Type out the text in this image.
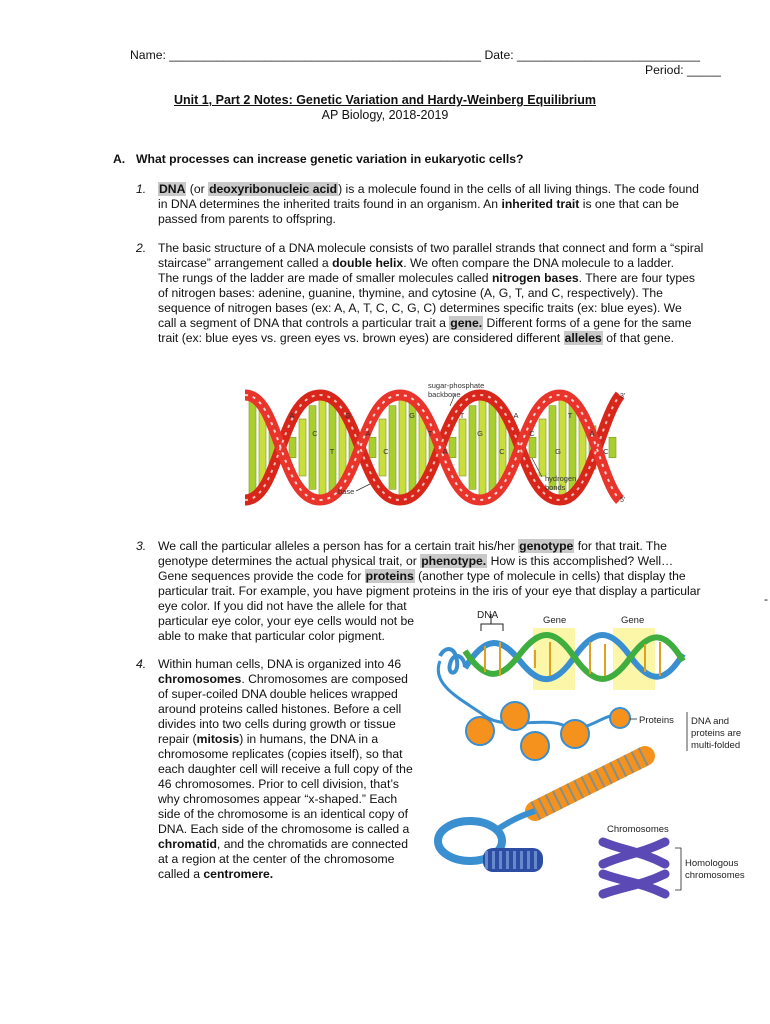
Name: ______________________________________________ Date: ___________________________
Period: _____
Unit 1, Part 2 Notes: Genetic Variation and Hardy-Weinberg Equilibrium
AP Biology, 2018-2019
A. What processes can increase genetic variation in eukaryotic cells?
1. DNA (or deoxyribonucleic acid) is a molecule found in the cells of all living things. The code found
in DNA determines the inherited traits found in an organism. An inherited trait is one that can be
passed from parents to offspring.
2. The basic structure of a DNA molecule consists of two parallel strands that connect and form a “spiral
staircase” arrangement called a double helix. We often compare the DNA molecule to a ladder.
The rungs of the ladder are made of smaller molecules called nitrogen bases. There are four types
of nitrogen bases: adenine, guanine, thymine, and cytosine (A, G, T, and C, respectively). The
sequence of nitrogen bases (ex: A, A, T, C, C, G, C) determines specific traits (ex: blue eyes). We
call a segment of DNA that controls a particular trait a gene. Different forms of a gene for the same
trait (ex: blue eyes vs. green eyes vs. brown eyes) are considered different alleles of that gene.
A
C
T
G
A
C
G
T
A
T
G
C
A
C
G
T
A
C
sugar-phosphate
backbone
hydrogen
bonds
base
3'
5'
3. We call the particular alleles a person has for a certain trait his/her genotype for that trait. The
genotype determines the actual physical trait, or phenotype. How is this accomplished? Well…
Gene sequences provide the code for proteins (another type of molecule in cells) that display the
particular trait. For example, you have pigment proteins in the iris of your eye that display a particular
eye color. If you did not have the allele for that
particular eye color, your eye cells would not be
able to make that particular color pigment.
-
4. Within human cells, DNA is organized into 46
chromosomes. Chromosomes are composed
of super-coiled DNA double helices wrapped
around proteins called histones. Before a cell
divides into two cells during growth or tissue
repair (mitosis) in humans, the DNA in a
chromosome replicates (copies itself), so that
each daughter cell will receive a full copy of the
46 chromosomes. Prior to cell division, that’s
why chromosomes appear “x-shaped.” Each
side of the chromosome is an identical copy of
DNA. Each side of the chromosome is called a
chromatid, and the chromatids are connected
at a region at the center of the chromosome
called a centromere.
DNA	Gene	Gene
Proteins DNA and
proteins are
multi-folded
Chromosomes
Homologous
chromosomes
